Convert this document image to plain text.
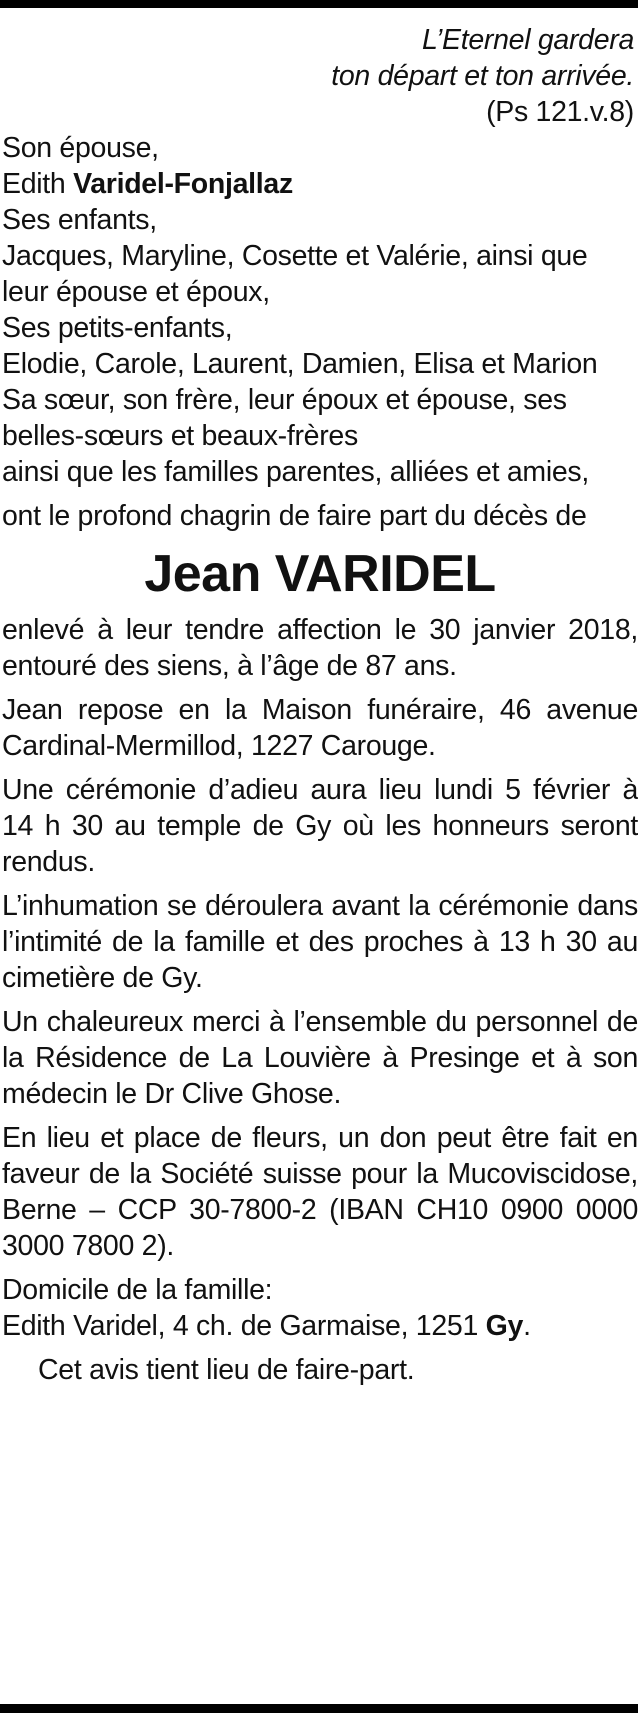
L’Eternel gardera
ton départ et ton arrivée.
(Ps 121.v.8)

Son épouse,

Edith Varidel-Fonjallaz

Ses enfants,

Jacques, Maryline, Cosette et Valérie, ainsi que leur épouse et époux,

Ses petits-enfants,

Elodie, Carole, Laurent, Damien, Elisa et Marion

Sa sœur, son frère, leur époux et épouse, ses belles-sœurs et beaux-frères

ainsi que les familles parentes, alliées et amies,

ont le profond chagrin de faire part du décès de

Jean VARIDEL

enlevé à leur tendre affection le 30 janvier 2018, entouré des siens, à l’âge de 87 ans.

Jean repose en la Maison funéraire, 46 avenue Cardinal-Mermillod, 1227 Carouge.

Une cérémonie d’adieu aura lieu lundi 5 février à 14 h 30 au temple de Gy où les honneurs seront rendus.

L’inhumation se déroulera avant la cérémonie dans l’intimité de la famille et des proches à 13 h 30 au cimetière de Gy.

Un chaleureux merci à l’ensemble du personnel de la Résidence de La Louvière à Presinge et à son médecin le Dr Clive Ghose.

En lieu et place de fleurs, un don peut être fait en faveur de la Société suisse pour la Mucoviscidose, Berne – CCP 30-7800-2 (IBAN CH10 0900 0000 3000 7800 2).

Domicile de la famille:

Edith Varidel, 4 ch. de Garmaise, 1251 Gy.

Cet avis tient lieu de faire-part.
